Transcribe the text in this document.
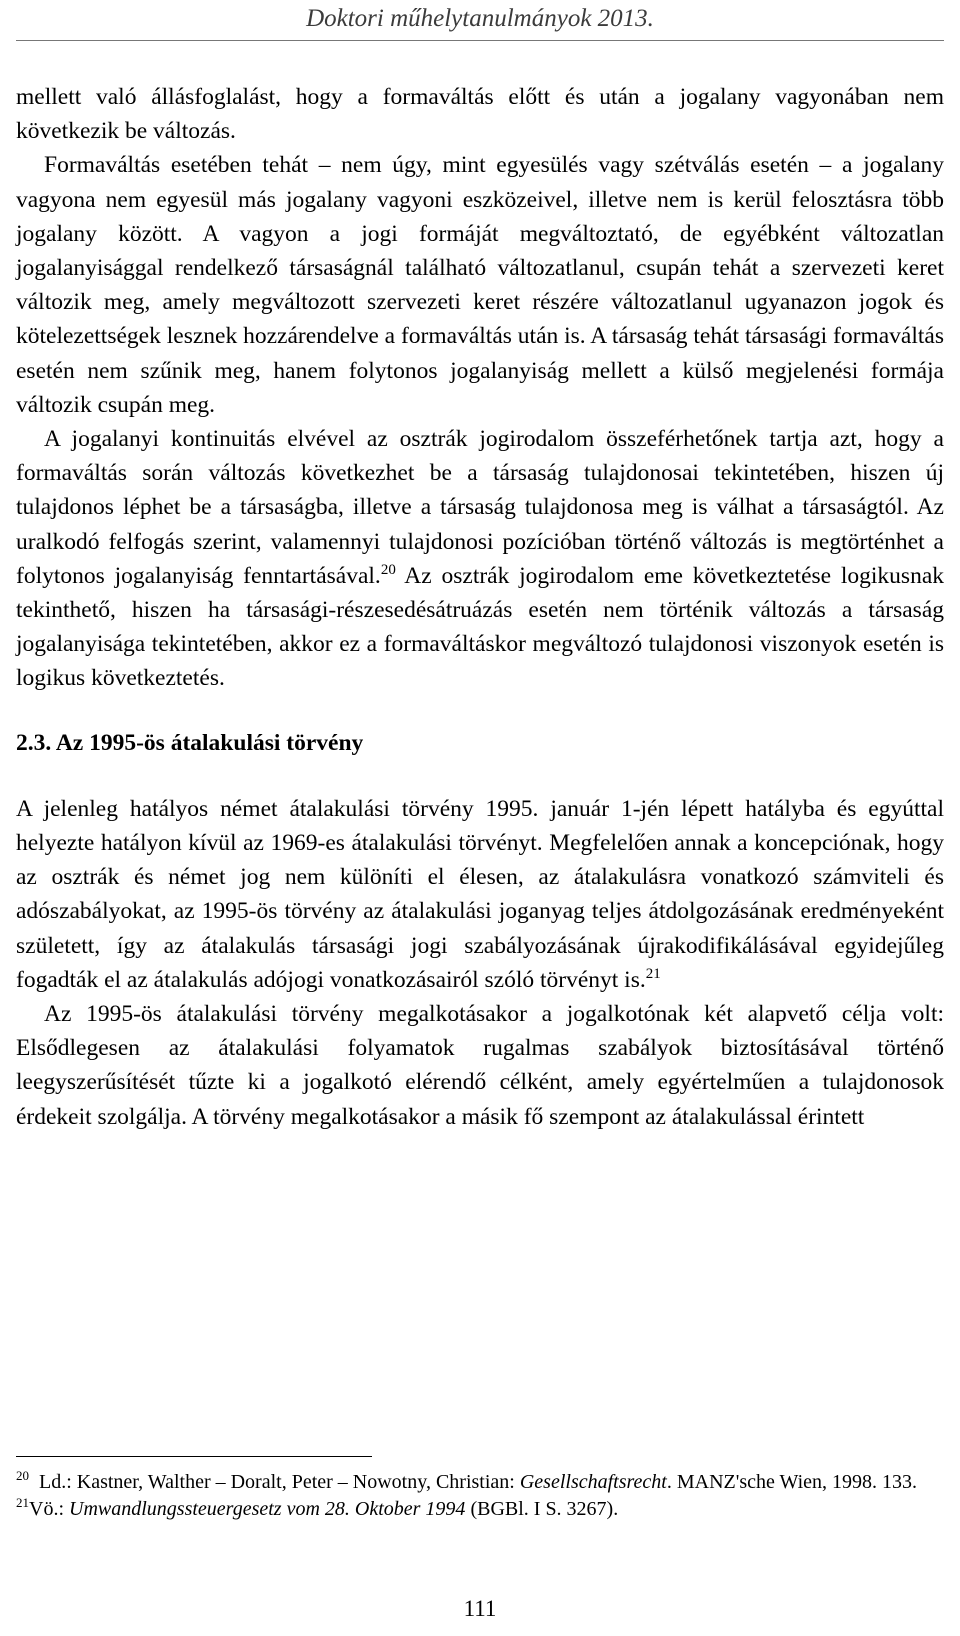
Doktori műhelytanulmányok 2013.

mellett való állásfoglalást, hogy a formaváltás előtt és után a jogalany vagyonában nem következik be változás.

Formaváltás esetében tehát – nem úgy, mint egyesülés vagy szétválás esetén – a jogalany vagyona nem egyesül más jogalany vagyoni eszközeivel, illetve nem is kerül felosztásra több jogalany között. A vagyon a jogi formáját megváltoztató, de egyébként változatlan jogalanyisággal rendelkező társaságnál található változatlanul, csupán tehát a szervezeti keret változik meg, amely megváltozott szervezeti keret részére változatlanul ugyanazon jogok és kötelezettségek lesznek hozzárendelve a formaváltás után is. A társaság tehát társasági formaváltás esetén nem szűnik meg, hanem folytonos jogalanyiság mellett a külső megjelenési formája változik csupán meg.

A jogalanyi kontinuitás elvével az osztrák jogirodalom összeférhetőnek tartja azt, hogy a formaváltás során változás következhet be a társaság tulajdonosai tekintetében, hiszen új tulajdonos léphet be a társaságba, illetve a társaság tulajdonosa meg is válhat a társaságtól. Az uralkodó felfogás szerint, valamennyi tulajdonosi pozícióban történő változás is megtörténhet a folytonos jogalanyiság fenntartásával.$^{20}$ Az osztrák jogirodalom eme következtetése logikusnak tekinthető, hiszen ha társasági-részesedésátruázás esetén nem történik változás a társaság jogalanyisága tekintetében, akkor ez a formaváltáskor megváltozó tulajdonosi viszonyok esetén is logikus következtetés.

2.3. Az 1995-ös átalakulási törvény

A jelenleg hatályos német átalakulási törvény 1995. január 1-jén lépett hatályba és egyúttal helyezte hatályon kívül az 1969-es átalakulási törvényt. Megfelelően annak a koncepciónak, hogy az osztrák és német jog nem különíti el élesen, az átalakulásra vonatkozó számviteli és adószabályokat, az 1995-ös törvény az átalakulási joganyag teljes átdolgozásának eredményeként született, így az átalakulás társasági jogi szabályozásának újrakodifikálásával egyidejűleg fogadták el az átalakulás adójogi vonatkozásairól szóló törvényt is.$^{21}$

Az 1995-ös átalakulási törvény megalkotásakor a jogalkotónak két alapvető célja volt: Elsődlegesen az átalakulási folyamatok rugalmas szabályok biztosításával történő leegyszerűsítését tűzte ki a jogalkotó elérendő célként, amely egyértelműen a tulajdonosok érdekeit szolgálja. A törvény megalkotásakor a másik fő szempont az átalakulással érintett

$^{20}$ Ld.: Kastner, Walther – Doralt, Peter – Nowotny, Christian: Gesellschaftsrecht. MANZ'sche Wien, 1998. 133.

$^{21}$Vö.: Umwandlungssteuergesetz vom 28. Oktober 1994 (BGBl. I S. 3267).

111
